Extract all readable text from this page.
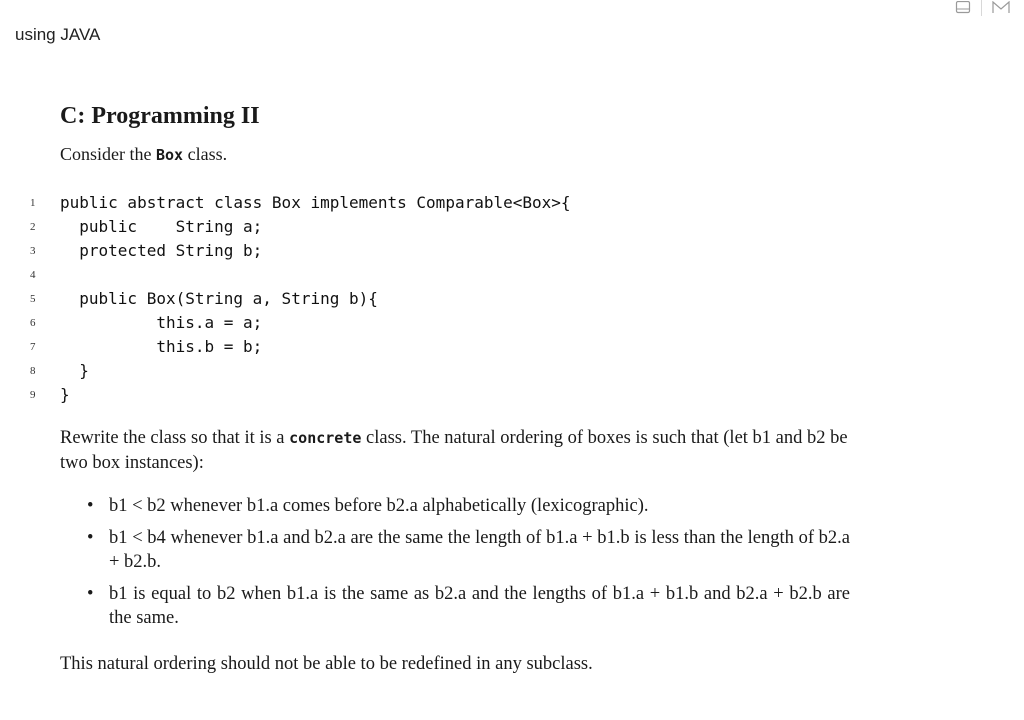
using JAVA
C: Programming II

Consider the Box class.

1	public abstract class Box implements Comparable<Box>{
2	public    String a;
3	protected String b;
4
5	public Box(String a, String b){
6	this.a = a;
7	this.b = b;
8	}
9	}

Rewrite the class so that it is a concrete class. The natural ordering of boxes is such that (let b1 and b2 be two box instances):

• b1 < b2 whenever b1.a comes before b2.a alphabetically (lexicographic).
• b1 < b4 whenever b1.a and b2.a are the same the length of b1.a + b1.b is less than the length of b2.a + b2.b.
• b1 is equal to b2 when b1.a is the same as b2.a and the lengths of b1.a + b1.b and b2.a + b2.b are the same.

This natural ordering should not be able to be redefined in any subclass.
